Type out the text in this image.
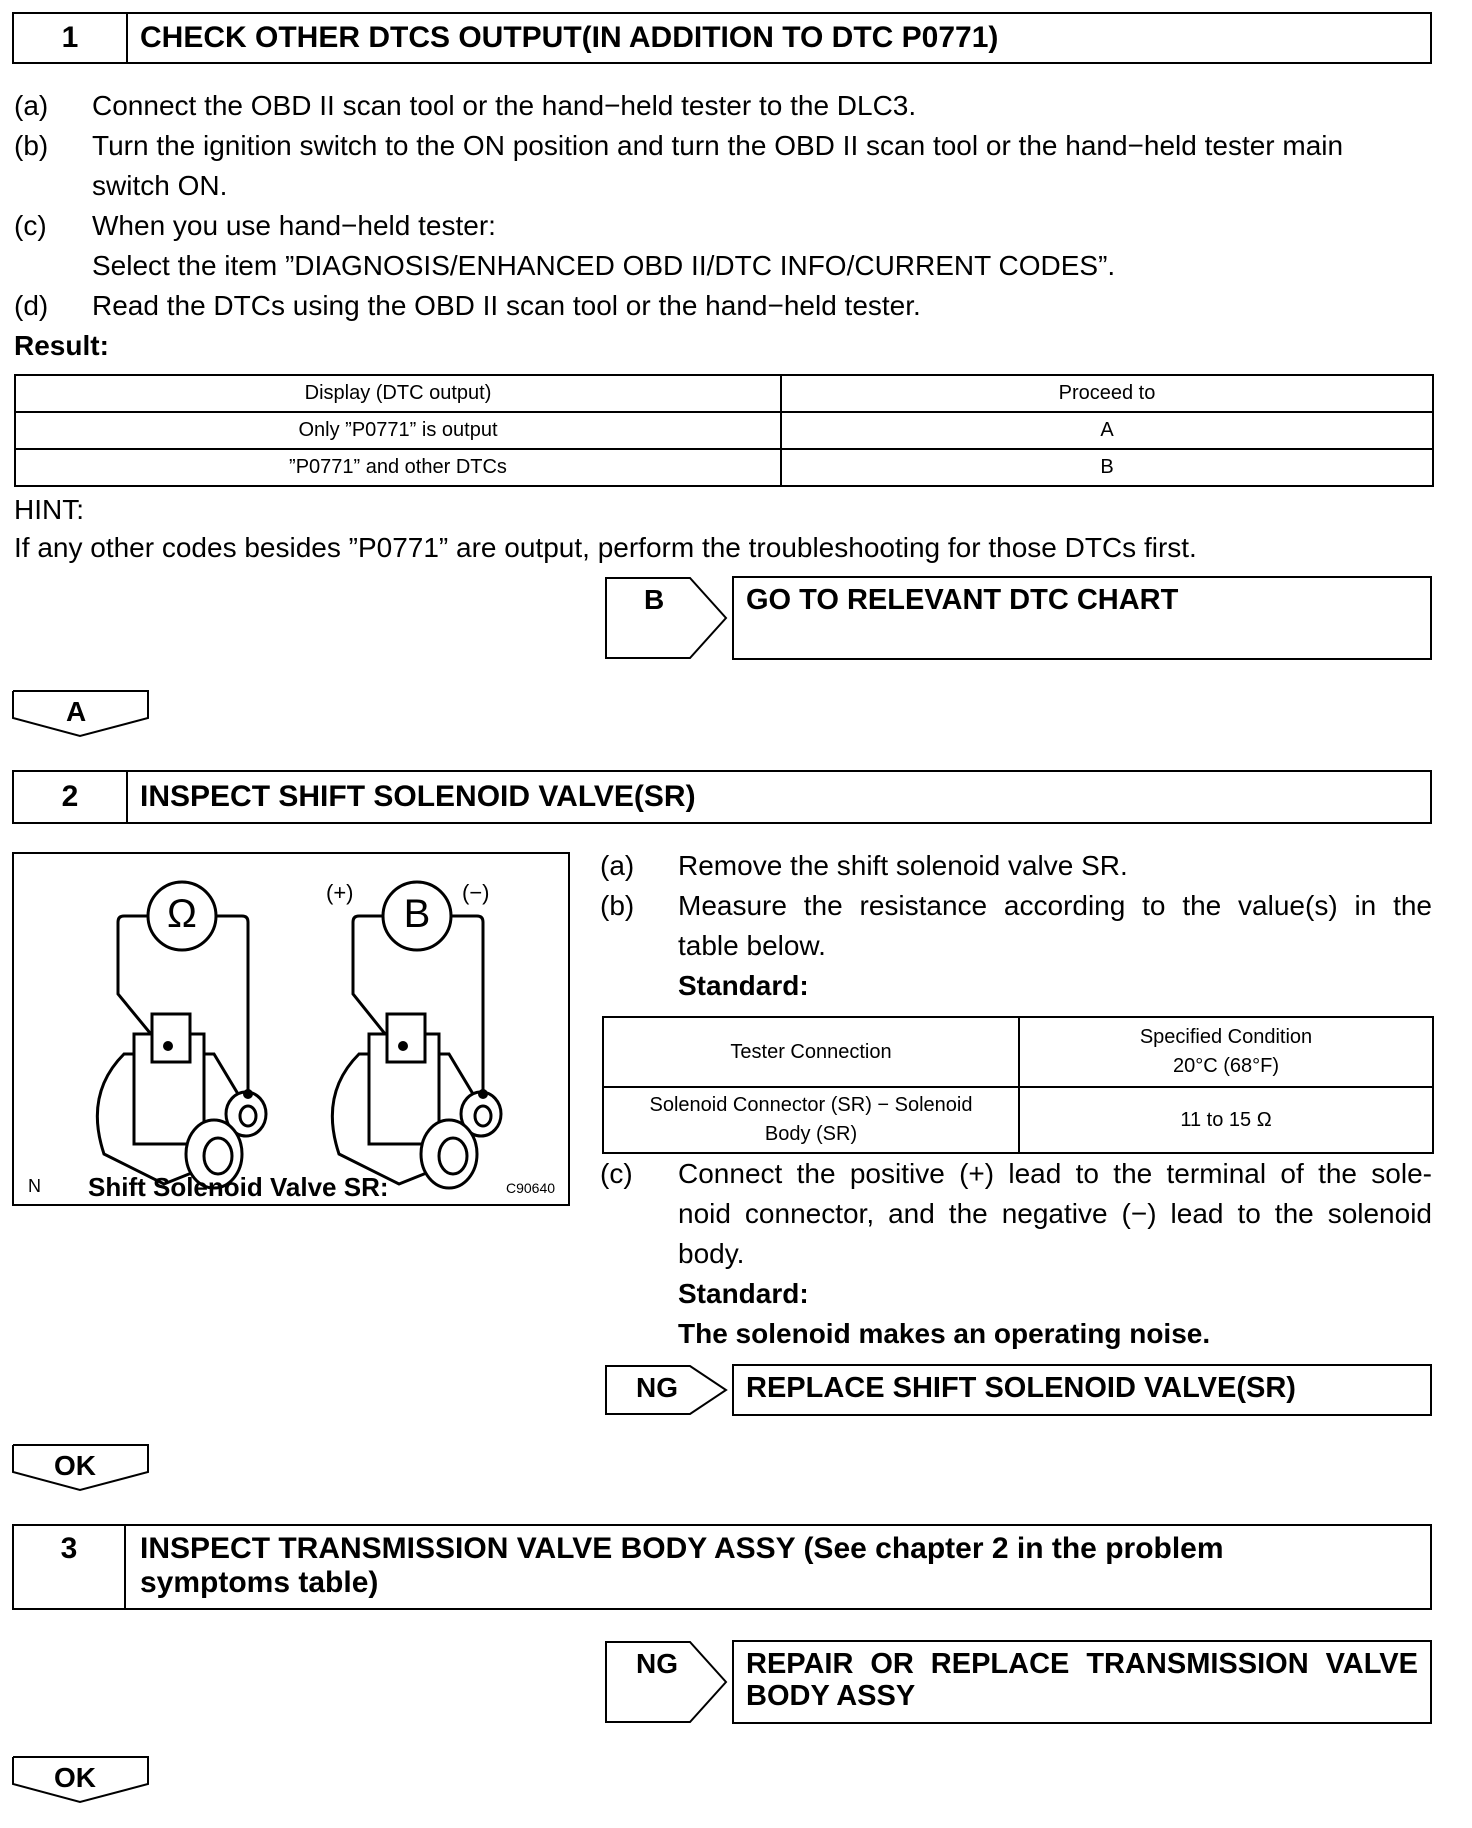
1	CHECK OTHER DTCS OUTPUT(IN ADDITION TO DTC P0771)
(a) Connect the OBD II scan tool or the hand−held tester to the DLC3.
(b) Turn the ignition switch to the ON position and turn the OBD II scan tool or the hand−held tester main
switch ON.
(c) When you use hand−held tester:
Select the item ”DIAGNOSIS/ENHANCED OBD II/DTC INFO/CURRENT CODES”.
(d) Read the DTCs using the OBD II scan tool or the hand−held tester.
Result:
Display (DTC output)	Proceed to
Only ”P0771” is output	A
”P0771” and other DTCs	B
HINT:
If any other codes besides ”P0771” are output, perform the troubleshooting for those DTCs first.
B	GO TO RELEVANT DTC CHART
A
2	INSPECT SHIFT SOLENOID VALVE(SR)
Ω	B
(+)	(−)
N Shift Solenoid Valve SR:	C90640
(a) Remove the shift solenoid valve SR.
(b) Measure the resistance according to the value(s) in the
table below.
Standard:
Tester Connection	Specified Condition
20°C (68°F)

Solenoid Connector (SR) − Solenoid
Body (SR)	11 to 15 Ω
(c) Connect the positive (+) lead to the terminal of the sole-
noid connector, and the negative (−) lead to the solenoid
body.
Standard:
The solenoid makes an operating noise.
NG	REPLACE SHIFT SOLENOID VALVE(SR)
OK
3 INSPECT TRANSMISSION VALVE BODY ASSY (See chapter 2 in the problem
symptoms table)
NG REPAIR OR REPLACE TRANSMISSION VALVE
BODY ASSY
OK
